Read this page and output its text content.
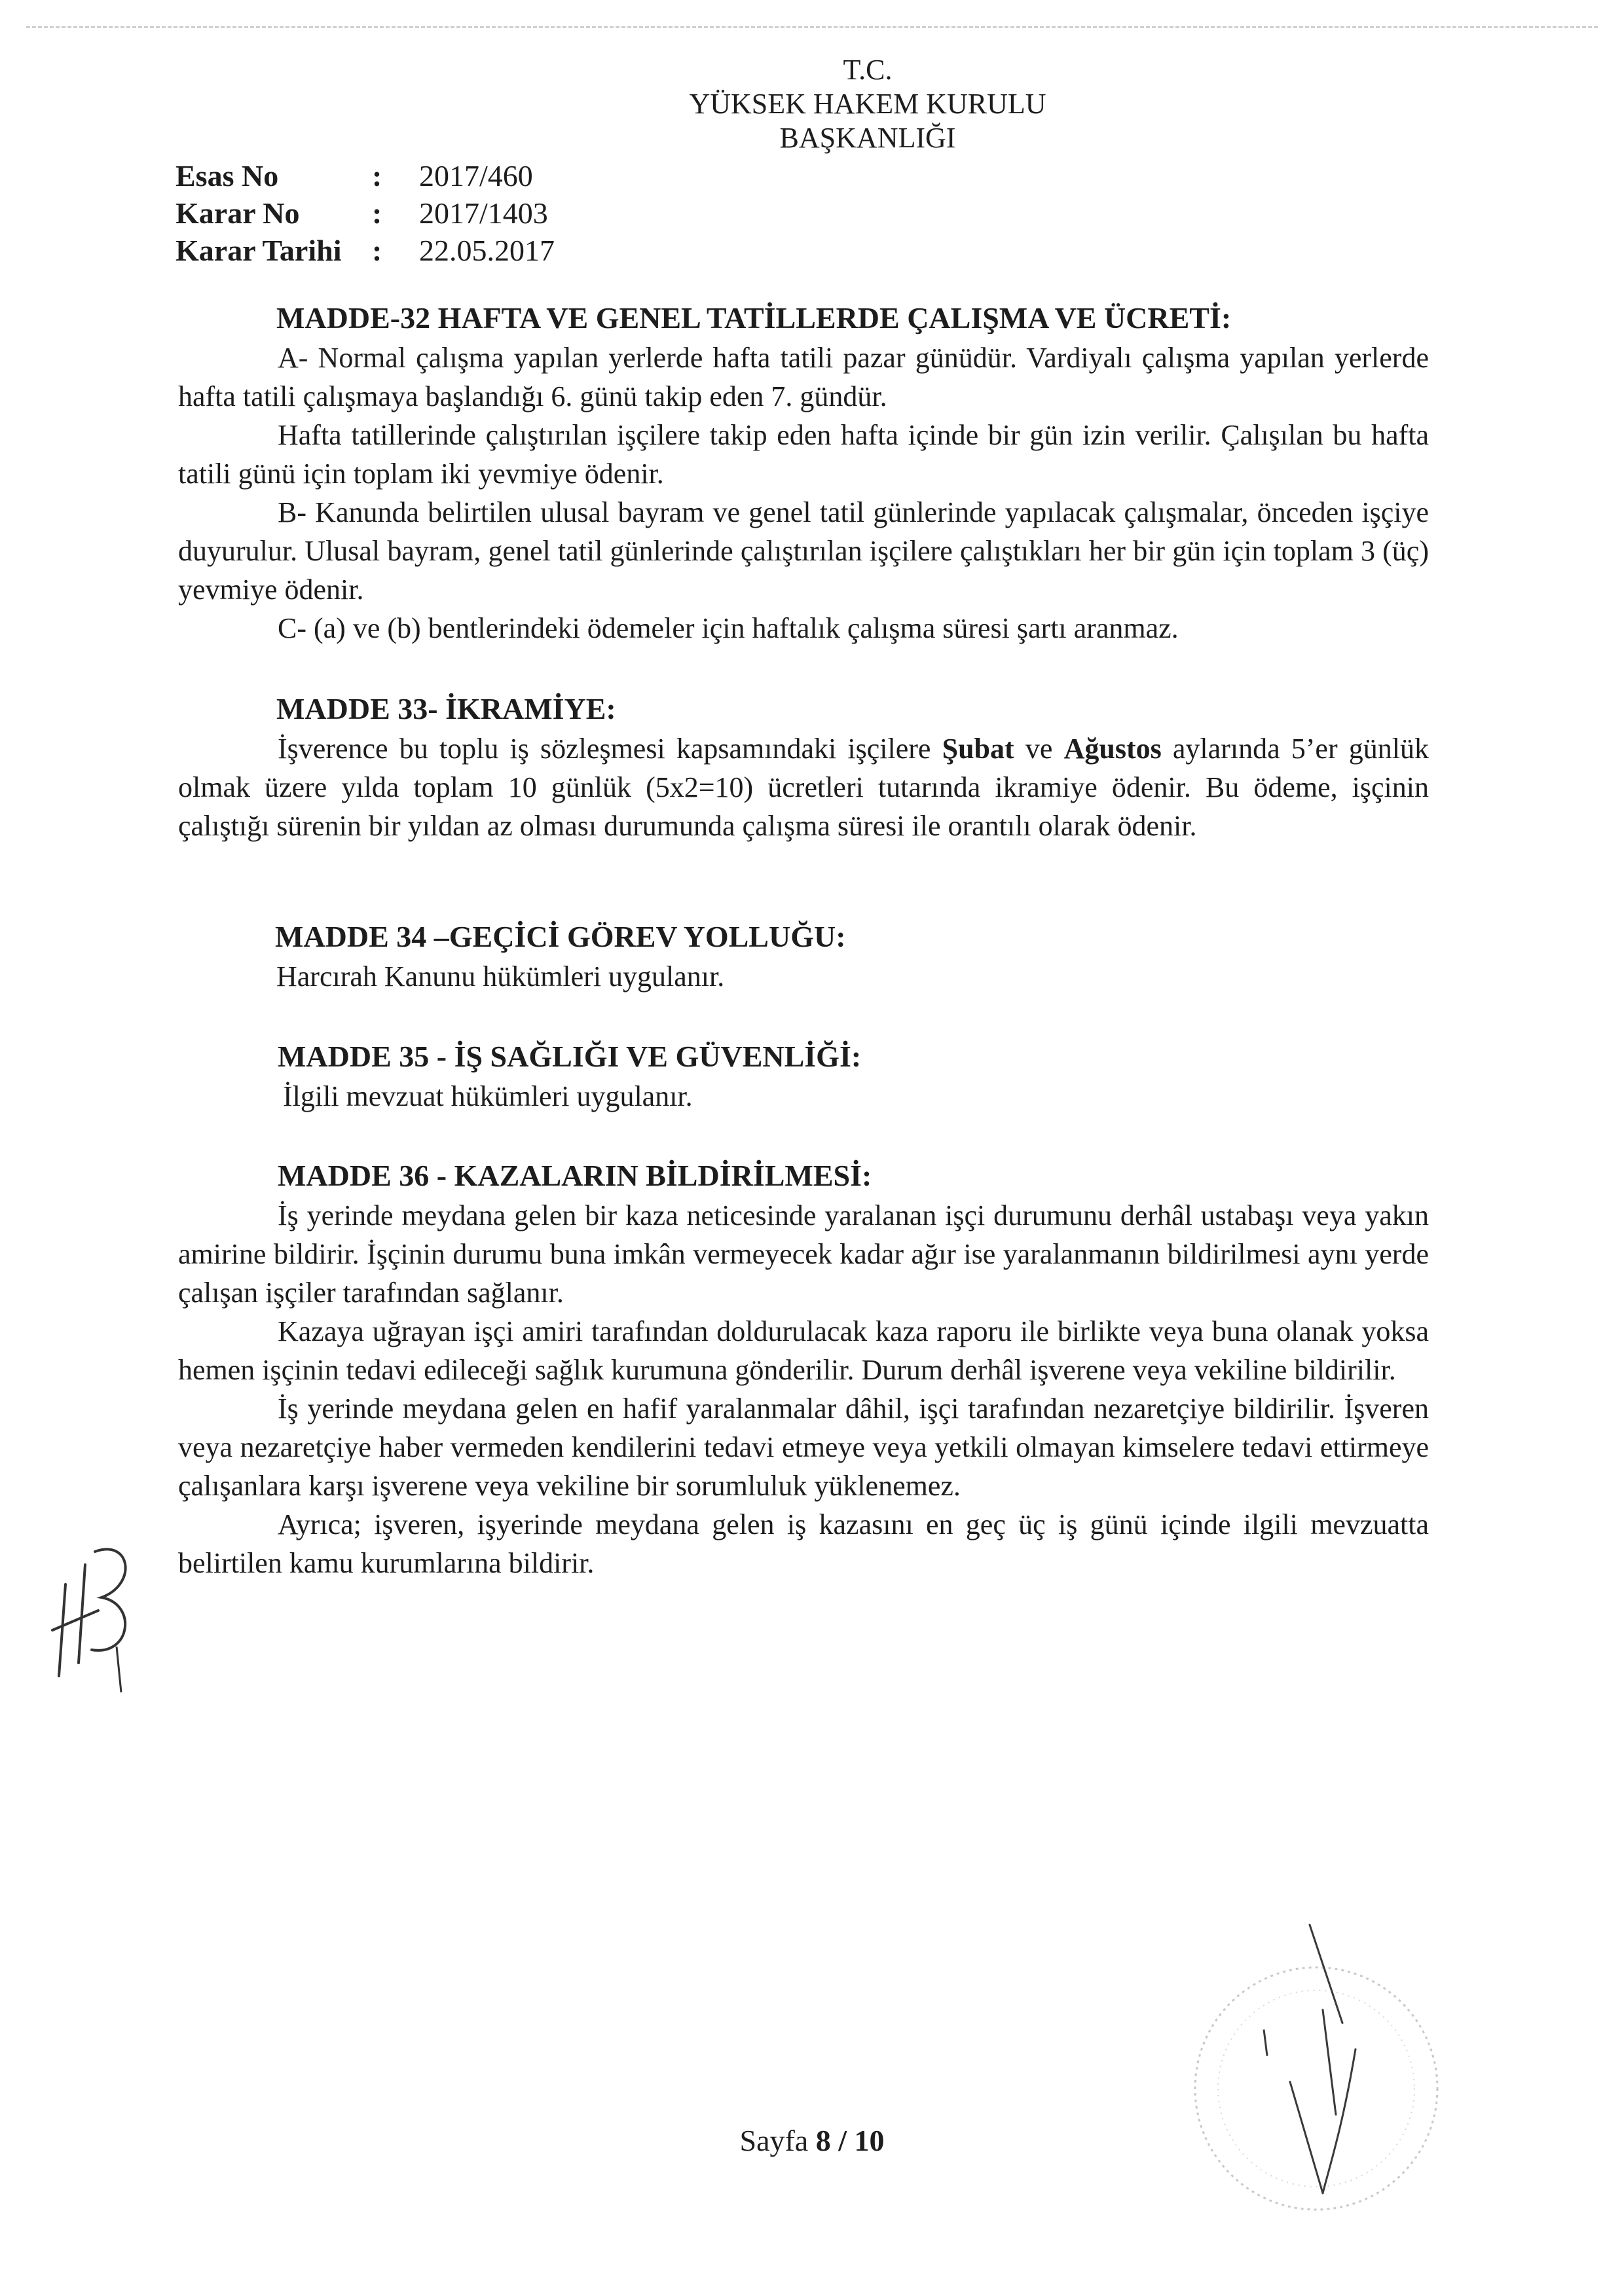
T.C.
YÜKSEK HAKEM KURULU
BAŞKANLIĞI
Esas No	:	2017/460
Karar No	:	2017/1403
Karar Tarihi	:	22.05.2017
MADDE-32 HAFTA VE GENEL TATİLLERDE ÇALIŞMA VE ÜCRETİ:

A- Normal çalışma yapılan yerlerde hafta tatili pazar günüdür. Vardiyalı çalışma yapılan yerlerde hafta tatili çalışmaya başlandığı 6. günü takip eden 7. gündür.

Hafta tatillerinde çalıştırılan işçilere takip eden hafta içinde bir gün izin verilir. Çalışılan bu hafta tatili günü için toplam iki yevmiye ödenir.

B- Kanunda belirtilen ulusal bayram ve genel tatil günlerinde yapılacak çalışmalar, önceden işçiye duyurulur. Ulusal bayram, genel tatil günlerinde çalıştırılan işçilere çalıştıkları her bir gün için toplam 3 (üç) yevmiye ödenir.

C- (a) ve (b) bentlerindeki ödemeler için haftalık çalışma süresi şartı aranmaz.

MADDE 33- İKRAMİYE:

İşverence bu toplu iş sözleşmesi kapsamındaki işçilere Şubat ve Ağustos aylarında 5’er günlük olmak üzere yılda toplam 10 günlük (5x2=10) ücretleri tutarında ikramiye ödenir. Bu ödeme, işçinin çalıştığı sürenin bir yıldan az olması durumunda çalışma süresi ile orantılı olarak ödenir.

MADDE 34 –GEÇİCİ GÖREV YOLLUĞU:

Harcırah Kanunu hükümleri uygulanır.

MADDE 35 - İŞ SAĞLIĞI VE GÜVENLİĞİ:

İlgili mevzuat hükümleri uygulanır.

MADDE 36 - KAZALARIN BİLDİRİLMESİ:

İş yerinde meydana gelen bir kaza neticesinde yaralanan işçi durumunu derhâl ustabaşı veya yakın amirine bildirir. İşçinin durumu buna imkân vermeyecek kadar ağır ise yaralanmanın bildirilmesi aynı yerde çalışan işçiler tarafından sağlanır.

Kazaya uğrayan işçi amiri tarafından doldurulacak kaza raporu ile birlikte veya buna olanak yoksa hemen işçinin tedavi edileceği sağlık kurumuna gönderilir. Durum derhâl işverene veya vekiline bildirilir.

İş yerinde meydana gelen en hafif yaralanmalar dâhil, işçi tarafından nezaretçiye bildirilir. İşveren veya nezaretçiye haber vermeden kendilerini tedavi etmeye veya yetkili olmayan kimselere tedavi ettirmeye çalışanlara karşı işverene veya vekiline bir sorumluluk yüklenemez.

Ayrıca; işveren, işyerinde meydana gelen iş kazasını en geç üç iş günü içinde ilgili mevzuatta belirtilen kamu kurumlarına bildirir.

Sayfa 8 / 10
